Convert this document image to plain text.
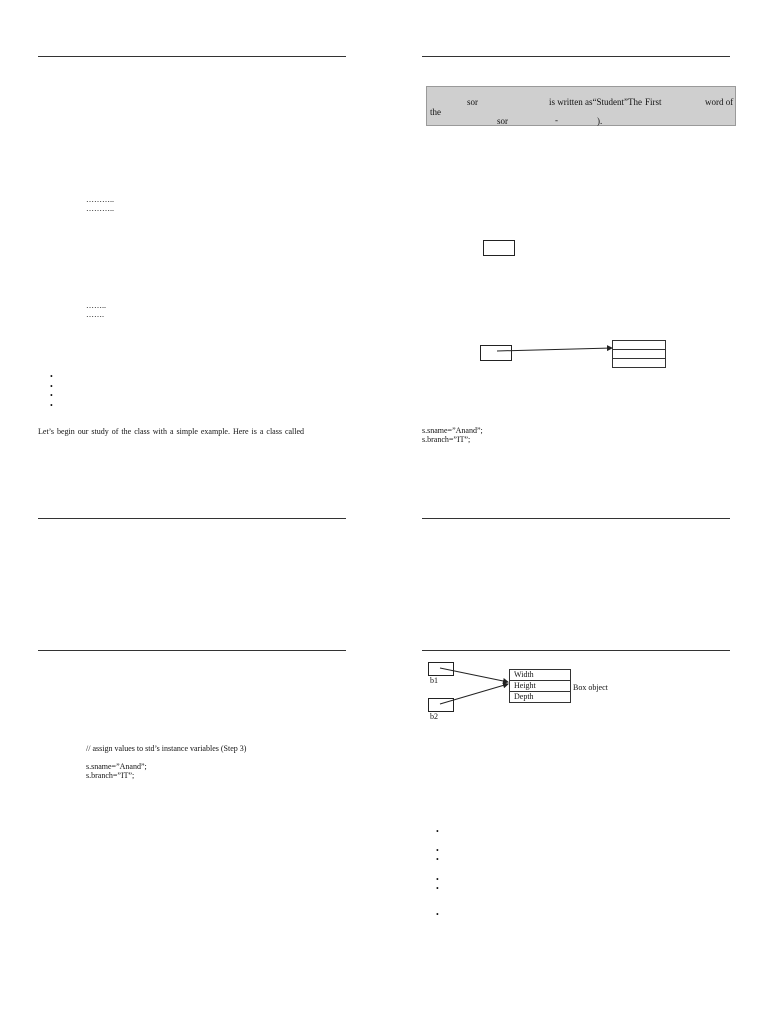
………..
………..
……..
…….
•
•
•
•
Let’s begin our study of the class with a simple example. Here is a class called
sor	is written as“Student”The First	word of
the
sor	-	).
s.sname=”Anand”;
s.branch=”IT”;
// assign values to std’s instance variables (Step 3)
s.sname=”Anand”;
s.branch=”IT”;
b1
b2
Width
Height
Depth
Box object
•
•
•
•
•
•
